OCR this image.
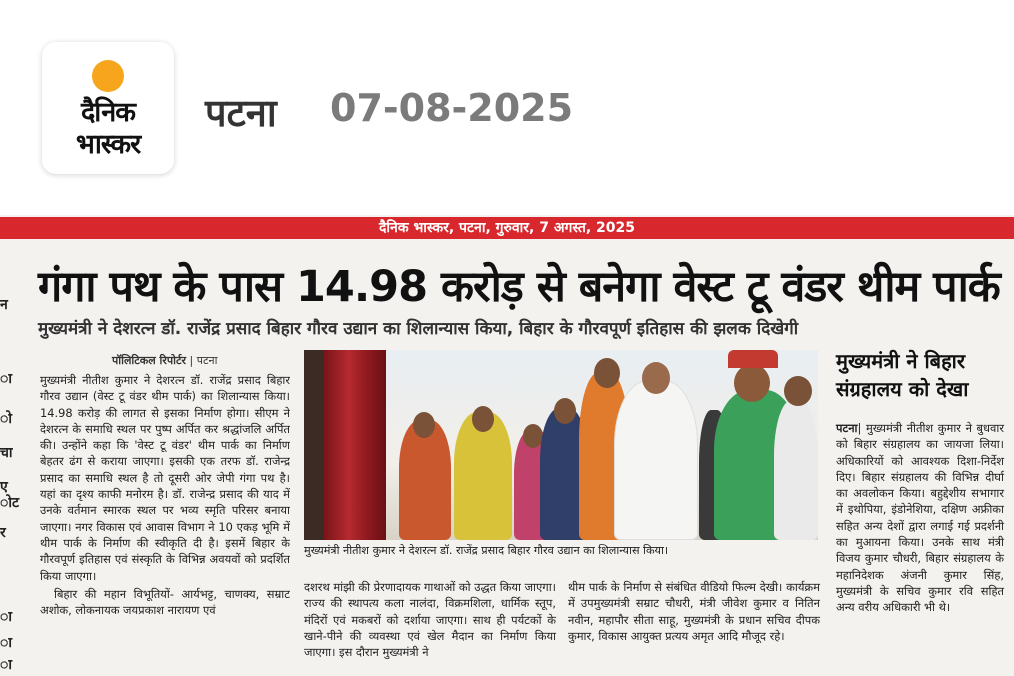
दैनिक
भास्कर
पटना 07-08-2025
दैनिक भास्कर, पटना, गुरुवार, 7 अगस्त, 2025
न
ा
ो
चा
ए
ोट
र
ा
ा
ा
गंगा पथ के पास 14.98 करोड़ से बनेगा वेस्ट टू वंडर थीम पार्क
मुख्यमंत्री ने देशरत्न डॉ. राजेंद्र प्रसाद बिहार गौरव उद्यान का शिलान्यास किया, बिहार के गौरवपूर्ण इतिहास की झलक दिखेगी
पॉलिटिकल रिपोर्टर | पटना

मुख्यमंत्री नीतीश कुमार ने देशरत्न डॉ. राजेंद्र प्रसाद बिहार गौरव उद्यान (वेस्ट टू वंडर थीम पार्क) का शिलान्यास किया। 14.98 करोड़ की लागत से इसका निर्माण होगा। सीएम ने देशरत्न के समाधि स्थल पर पुष्प अर्पित कर श्रद्धांजलि अर्पित की। उन्होंने कहा कि 'वेस्ट टू वंडर' थीम पार्क का निर्माण बेहतर ढंग से कराया जाएगा। इसकी एक तरफ डॉ. राजेन्द्र प्रसाद का समाधि स्थल है तो दूसरी ओर जेपी गंगा पथ है। यहां का दृश्य काफी मनोरम है। डॉ. राजेन्द्र प्रसाद की याद में उनके वर्तमान स्मारक स्थल पर भव्य स्मृति परिसर बनाया जाएगा। नगर विकास एवं आवास विभाग ने 10 एकड़ भूमि में थीम पार्क के निर्माण की स्वीकृति दी है। इसमें बिहार के गौरवपूर्ण इतिहास एवं संस्कृति के विभिन्न अवयवों को प्रदर्शित किया जाएगा।

बिहार की महान विभूतियों- आर्यभट्ट, चाणक्य, सम्राट अशोक, लोकनायक जयप्रकाश नारायण एवं

मुख्यमंत्री नीतीश कुमार ने देशरत्न डॉ. राजेंद्र प्रसाद बिहार गौरव उद्यान का शिलान्यास किया।

दशरथ मांझी की प्रेरणादायक गाथाओं को उद्धत किया जाएगा। राज्य की स्थापत्य कला नालंदा, विक्रमशिला, धार्मिक स्तूप, मंदिरों एवं मकबरों को दर्शाया जाएगा। साथ ही पर्यटकों के खाने-पीने की व्यवस्था एवं खेल मैदान का निर्माण किया जाएगा। इस दौरान मुख्यमंत्री ने

थीम पार्क के निर्माण से संबंधित वीडियो फिल्म देखी। कार्यक्रम में उपमुख्यमंत्री सम्राट चौधरी, मंत्री जीवेश कुमार व नितिन नवीन, महापौर सीता साहू, मुख्यमंत्री के प्रधान सचिव दीपक कुमार, विकास आयुक्त प्रत्यय अमृत आदि मौजूद रहे।

मुख्यमंत्री ने बिहार संग्रहालय को देखा

पटना| मुख्यमंत्री नीतीश कुमार ने बुधवार को बिहार संग्रहालय का जायजा लिया। अधिकारियों को आवश्यक दिशा-निर्देश दिए। बिहार संग्रहालय की विभिन्न दीर्घा का अवलोकन किया। बहुद्देशीय सभागार में इथोपिया, इंडोनेशिया, दक्षिण अफ्रीका सहित अन्य देशों द्वारा लगाई गई प्रदर्शनी का मुआयना किया। उनके साथ मंत्री विजय कुमार चौधरी, बिहार संग्रहालय के महानिदेशक अंजनी कुमार सिंह, मुख्यमंत्री के सचिव कुमार रवि सहित अन्य वरीय अधिकारी भी थे।
